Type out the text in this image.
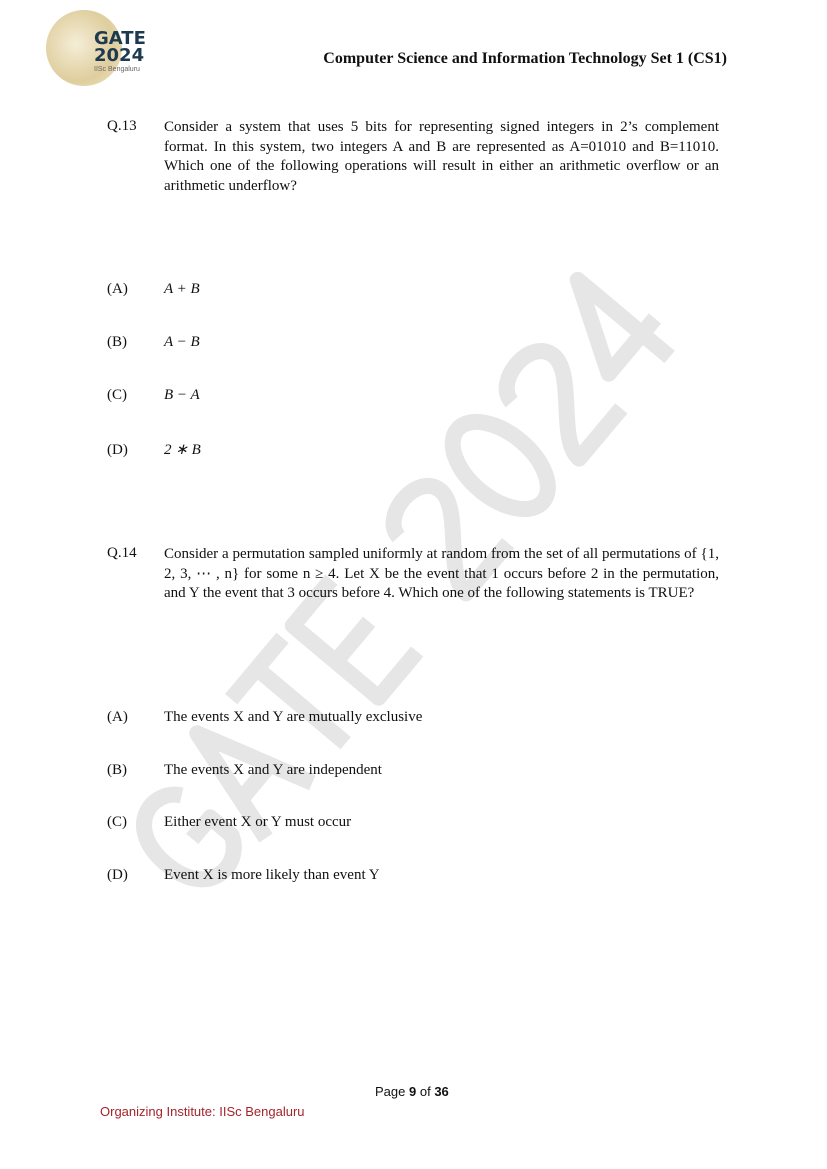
GATE
2024
IISc Bengaluru
Computer Science and Information Technology Set 1 (CS1)
Q.13 Consider a system that uses 5 bits for representing signed integers in 2’s complement format. In this system, two integers A and B are represented as A=01010 and B=11010. Which one of the following operations will result in either an arithmetic overflow or an arithmetic underflow?
(A) A + B
(B) A − B
(C) B − A
(D) 2 ∗ B
Q.14 Consider a permutation sampled uniformly at random from the set of all permutations of {1, 2, 3, ⋯ , n} for some n ≥ 4. Let X be the event that 1 occurs before 2 in the permutation, and Y the event that 3 occurs before 4. Which one of the following statements is TRUE?
(A) The events X and Y are mutually exclusive
(B) The events X and Y are independent
(C) Either event X or Y must occur
(D) Event X is more likely than event Y
Page 9 of 36
Organizing Institute: IISc Bengaluru
